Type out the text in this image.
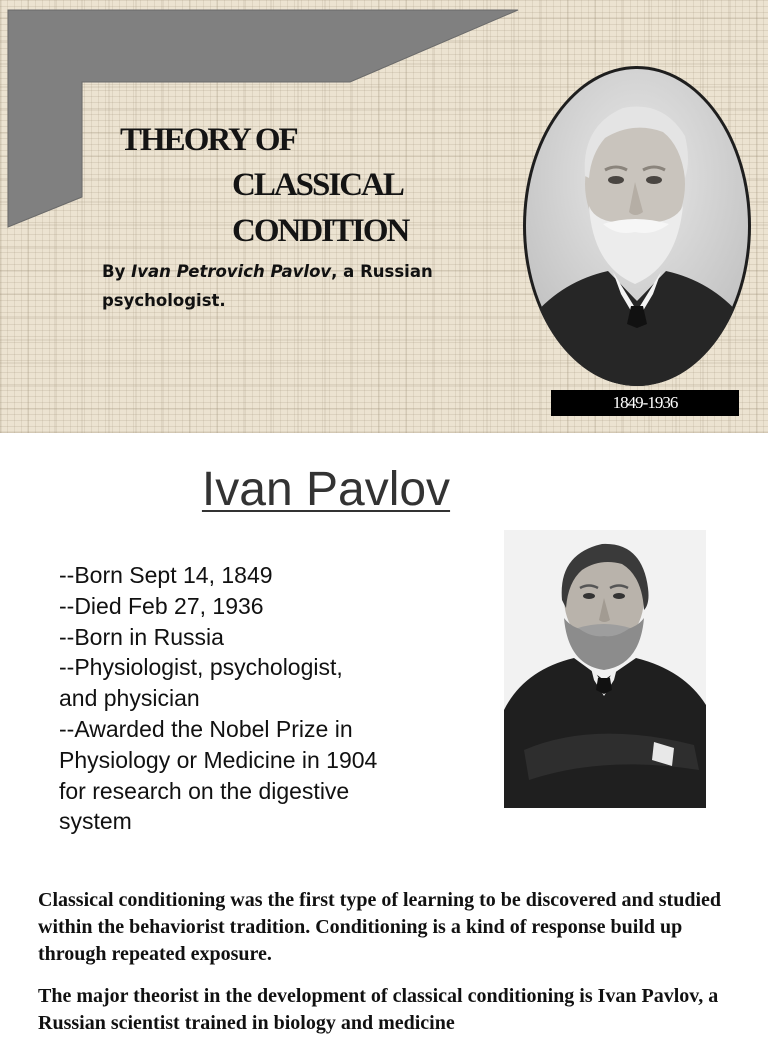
THEORY OF
CLASSICAL
CONDITION

By Ivan Petrovich Pavlov, a Russian psychologist.

1849-1936
Ivan Pavlov
--Born Sept 14, 1849
--Died Feb 27, 1936
--Born in Russia
--Physiologist, psychologist,
and physician
--Awarded the Nobel Prize in
Physiology or Medicine in 1904
for research on the digestive
system

Classical conditioning was the first type of learning to be discovered and studied within the behaviorist tradition. Conditioning is a kind of response build up through repeated exposure.

The major theorist in the development of classical conditioning is Ivan Pavlov, a Russian scientist trained in biology and medicine
